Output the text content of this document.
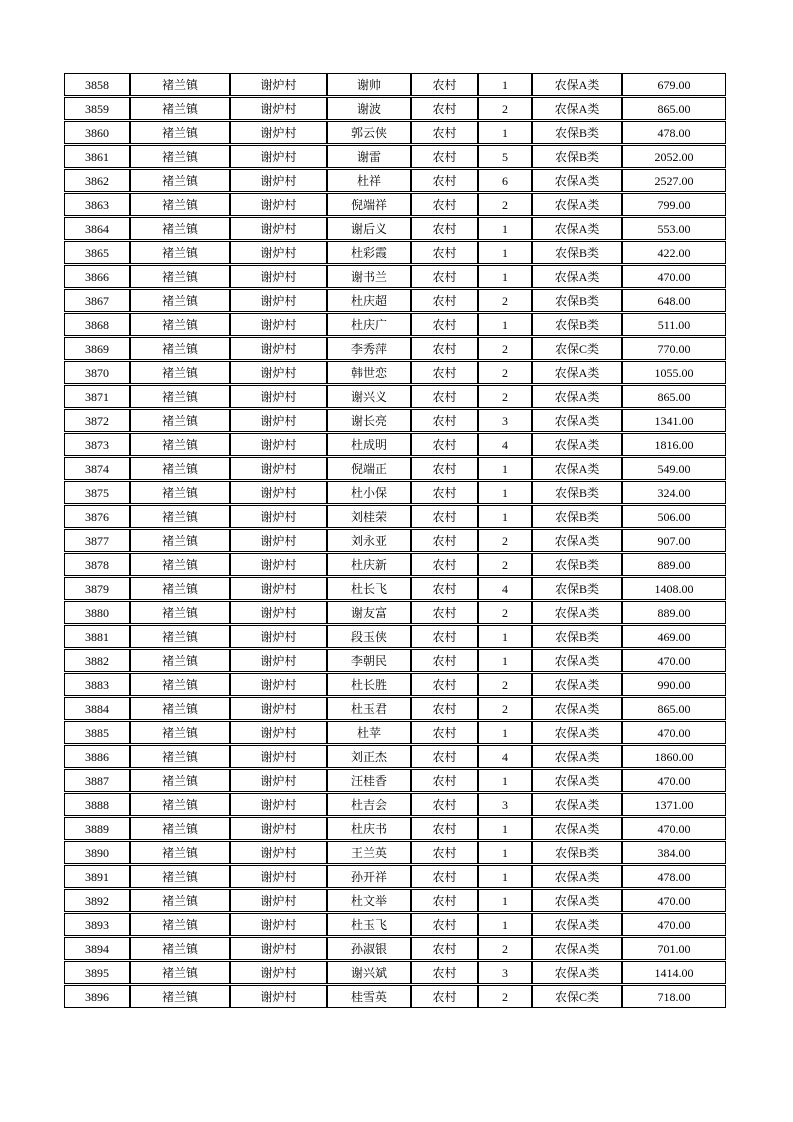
3858	褚兰镇	谢炉村	谢帅	农村	1	农保A类	679.00
3859	褚兰镇	谢炉村	谢波	农村	2	农保A类	865.00
3860	褚兰镇	谢炉村	郭云侠	农村	1	农保B类	478.00
3861	褚兰镇	谢炉村	谢雷	农村	5	农保B类	2052.00
3862	褚兰镇	谢炉村	杜祥	农村	6	农保A类	2527.00
3863	褚兰镇	谢炉村	倪端祥	农村	2	农保A类	799.00
3864	褚兰镇	谢炉村	谢后义	农村	1	农保A类	553.00
3865	褚兰镇	谢炉村	杜彩霞	农村	1	农保B类	422.00
3866	褚兰镇	谢炉村	谢书兰	农村	1	农保A类	470.00
3867	褚兰镇	谢炉村	杜庆超	农村	2	农保B类	648.00
3868	褚兰镇	谢炉村	杜庆广	农村	1	农保B类	511.00
3869	褚兰镇	谢炉村	李秀萍	农村	2	农保C类	770.00
3870	褚兰镇	谢炉村	韩世恋	农村	2	农保A类	1055.00
3871	褚兰镇	谢炉村	谢兴义	农村	2	农保A类	865.00
3872	褚兰镇	谢炉村	谢长亮	农村	3	农保A类	1341.00
3873	褚兰镇	谢炉村	杜成明	农村	4	农保A类	1816.00
3874	褚兰镇	谢炉村	倪端正	农村	1	农保A类	549.00
3875	褚兰镇	谢炉村	杜小保	农村	1	农保B类	324.00
3876	褚兰镇	谢炉村	刘桂荣	农村	1	农保B类	506.00
3877	褚兰镇	谢炉村	刘永亚	农村	2	农保A类	907.00
3878	褚兰镇	谢炉村	杜庆新	农村	2	农保B类	889.00
3879	褚兰镇	谢炉村	杜长飞	农村	4	农保B类	1408.00
3880	褚兰镇	谢炉村	谢友富	农村	2	农保A类	889.00
3881	褚兰镇	谢炉村	段玉侠	农村	1	农保B类	469.00
3882	褚兰镇	谢炉村	李朝民	农村	1	农保A类	470.00
3883	褚兰镇	谢炉村	杜长胜	农村	2	农保A类	990.00
3884	褚兰镇	谢炉村	杜玉君	农村	2	农保A类	865.00
3885	褚兰镇	谢炉村	杜苹	农村	1	农保A类	470.00
3886	褚兰镇	谢炉村	刘正杰	农村	4	农保A类	1860.00
3887	褚兰镇	谢炉村	汪桂香	农村	1	农保A类	470.00
3888	褚兰镇	谢炉村	杜吉会	农村	3	农保A类	1371.00
3889	褚兰镇	谢炉村	杜庆书	农村	1	农保A类	470.00
3890	褚兰镇	谢炉村	王兰英	农村	1	农保B类	384.00
3891	褚兰镇	谢炉村	孙开祥	农村	1	农保A类	478.00
3892	褚兰镇	谢炉村	杜文举	农村	1	农保A类	470.00
3893	褚兰镇	谢炉村	杜玉飞	农村	1	农保A类	470.00
3894	褚兰镇	谢炉村	孙淑银	农村	2	农保A类	701.00
3895	褚兰镇	谢炉村	谢兴斌	农村	3	农保A类	1414.00
3896	褚兰镇	谢炉村	桂雪英	农村	2	农保C类	718.00
